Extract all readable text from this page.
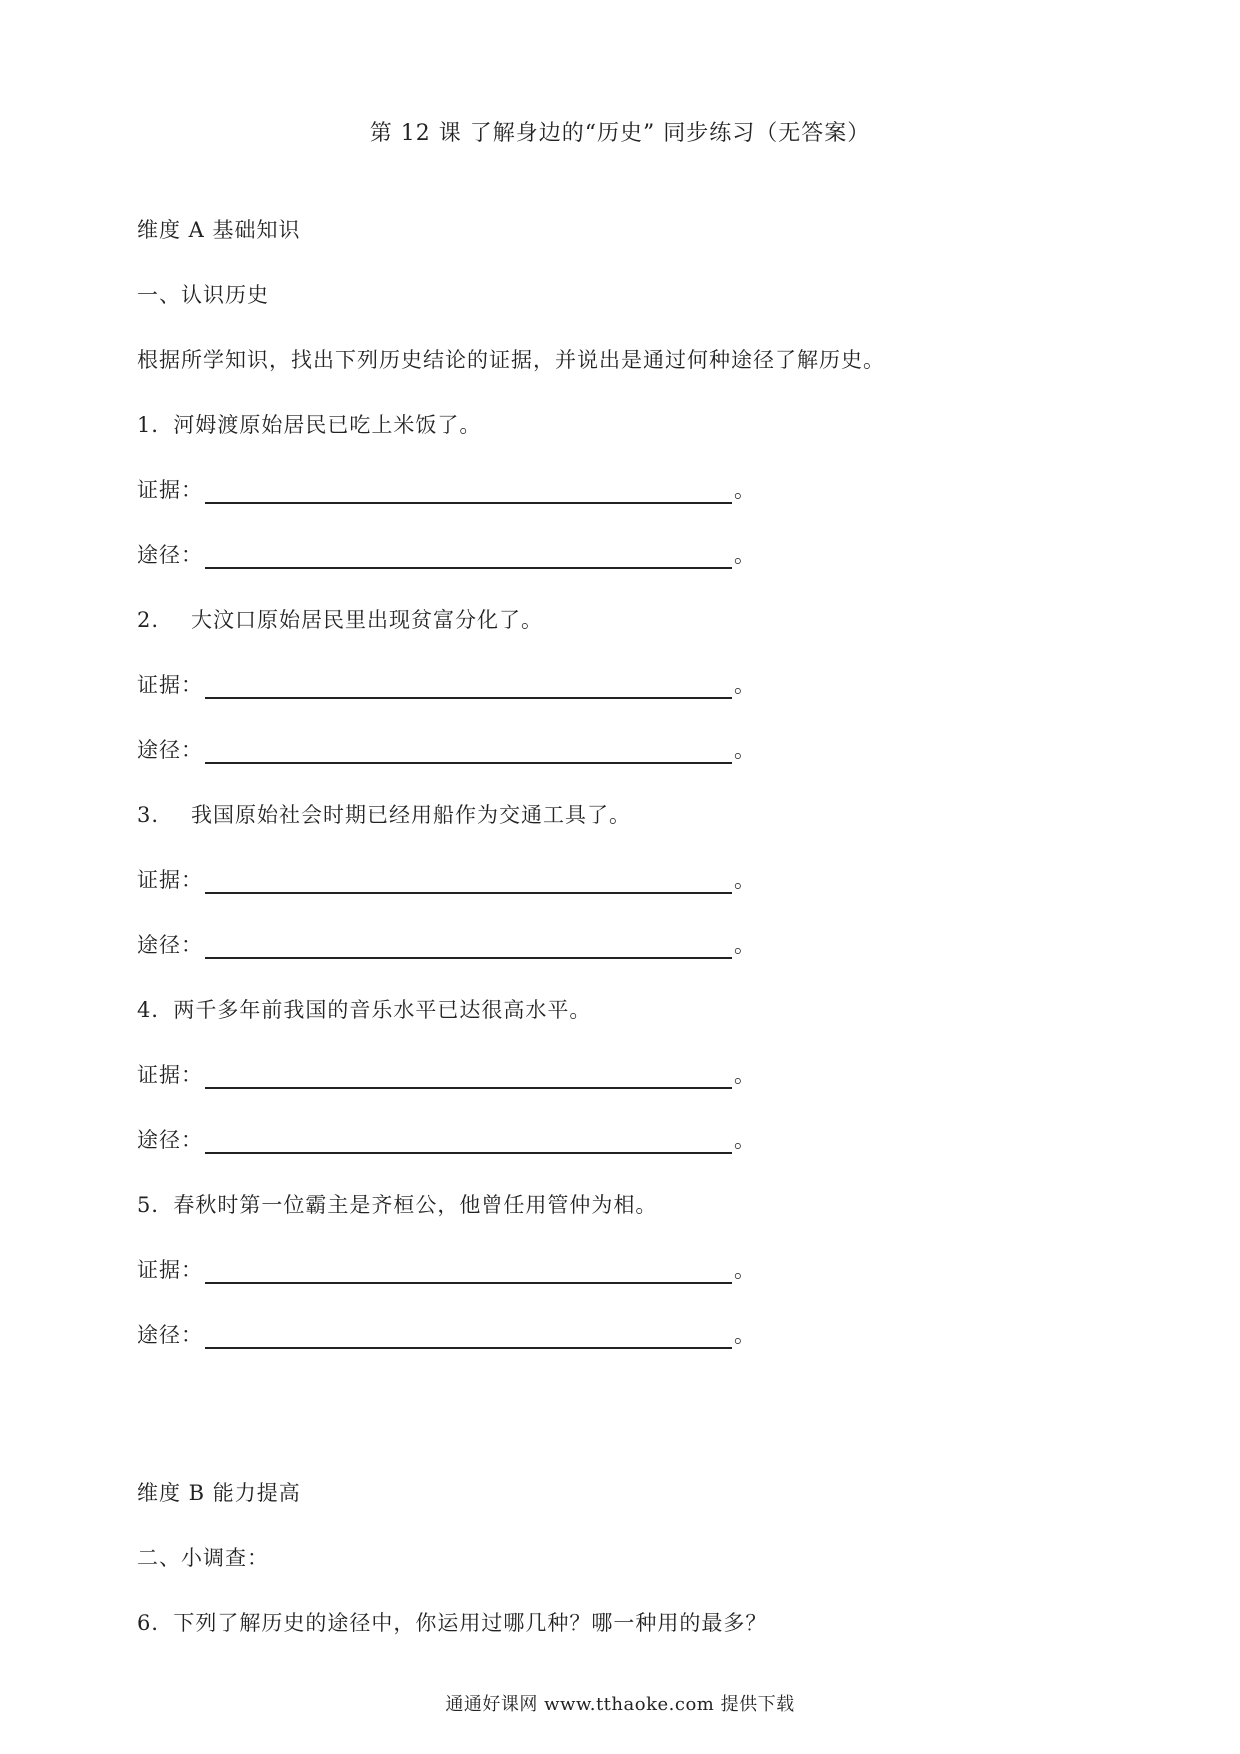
第 12 课 了解身边的“历史” 同步练习（无答案）
维度 A 基础知识
一、认识历史
根据所学知识，找出下列历史结论的证据，并说出是通过何种途径了解历史。
1．河姆渡原始居民已吃上米饭了。
证据：	。
途径：	。
2. 大汶口原始居民里出现贫富分化了。
证据：	。
途径：	。
3. 我国原始社会时期已经用船作为交通工具了。
证据：	。
途径：	。
4．两千多年前我国的音乐水平已达很高水平。
证据：	。
途径：	。
5．春秋时第一位霸主是齐桓公，他曾任用管仲为相。
证据：	。
途径：	。
维度 B 能力提高
二、小调查：
6．下列了解历史的途径中，你运用过哪几种？哪一种用的最多？
通通好课网 www.tthaoke.com 提供下载
